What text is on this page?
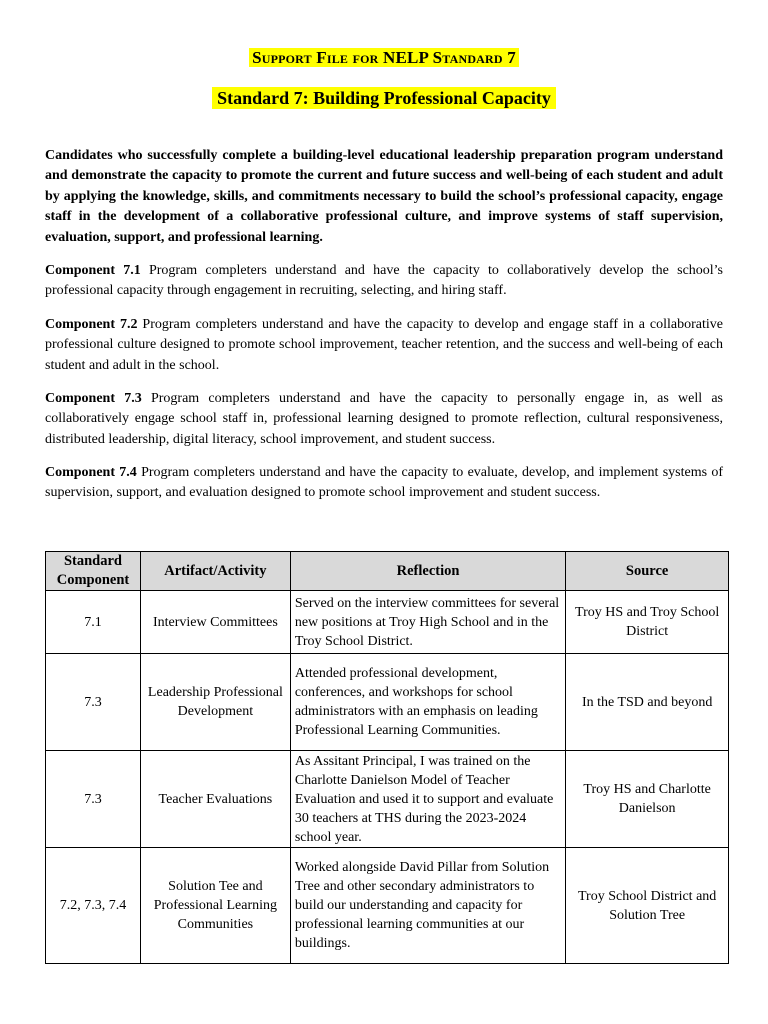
Support File for NELP Standard 7
Standard 7: Building Professional Capacity

Candidates who successfully complete a building-level educational leadership preparation program understand and demonstrate the capacity to promote the current and future success and well-being of each student and adult by applying the knowledge, skills, and commitments necessary to build the school’s professional capacity, engage staff in the development of a collaborative professional culture, and improve systems of staff supervision, evaluation, support, and professional learning.

Component 7.1 Program completers understand and have the capacity to collaboratively develop the school’s professional capacity through engagement in recruiting, selecting, and hiring staff.

Component 7.2 Program completers understand and have the capacity to develop and engage staff in a collaborative professional culture designed to promote school improvement, teacher retention, and the success and well-being of each student and adult in the school.

Component 7.3 Program completers understand and have the capacity to personally engage in, as well as collaboratively engage school staff in, professional learning designed to promote reflection, cultural responsiveness, distributed leadership, digital literacy, school improvement, and student success.

Component 7.4 Program completers understand and have the capacity to evaluate, develop, and implement systems of supervision, support, and evaluation designed to promote school improvement and student success.

Standard Component	Artifact/Activity	Reflection	Source
7.1	Interview Committees	Served on the interview committees for several new positions at Troy High School and in the Troy School District.	Troy HS and Troy School District
7.3	Leadership Professional Development	Attended professional development, conferences, and workshops for school administrators with an emphasis on leading Professional Learning Communities.	In the TSD and beyond
7.3	Teacher Evaluations	As Assitant Principal, I was trained on the Charlotte Danielson Model of Teacher Evaluation and used it to support and evaluate 30 teachers at THS during the 2023-2024 school year.	Troy HS and Charlotte Danielson
7.2, 7.3, 7.4	Solution Tee and Professional Learning Communities	Worked alongside David Pillar from Solution Tree and other secondary administrators to build our understanding and capacity for professional learning communities at our buildings.	Troy School District and Solution Tree
